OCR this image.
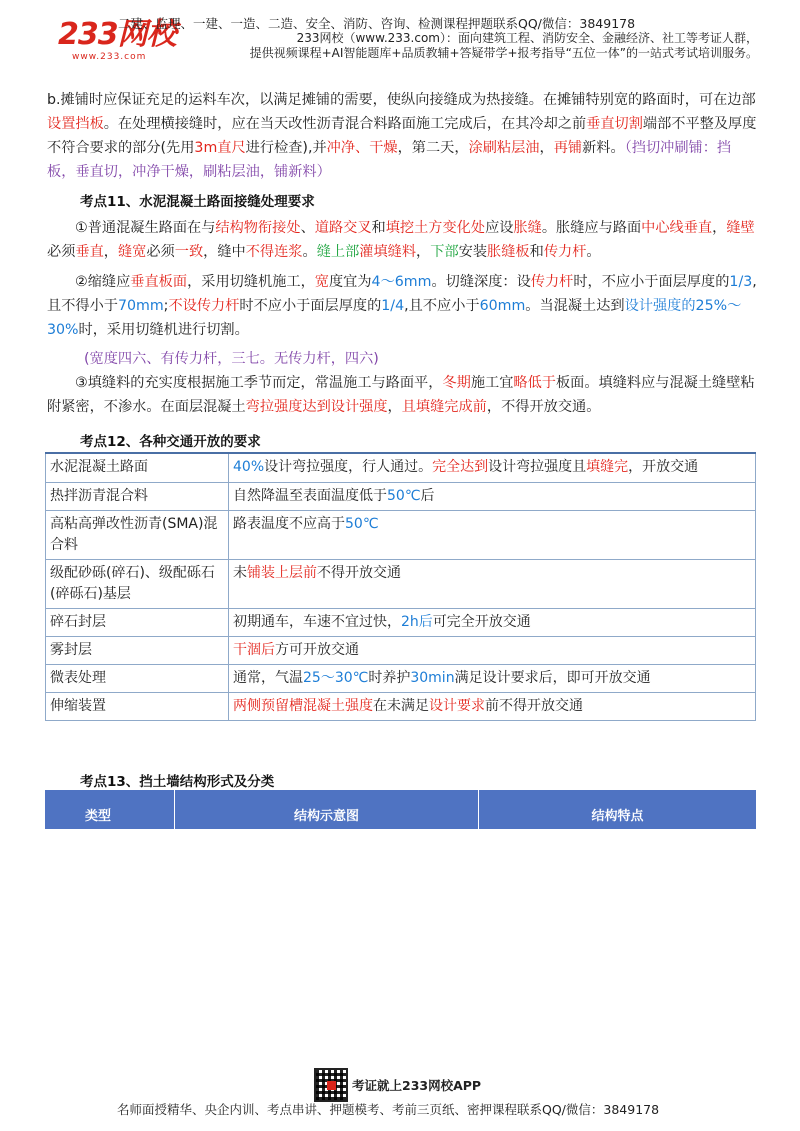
233网校
www.233.com
二建、监理、一建、一造、二造、安全、消防、咨询、检测课程押题联系QQ/微信：3849178
233网校（www.233.com）：面向建筑工程、消防安全、金融经济、社工等考证人群，
提供视频课程+AI智能题库+品质教辅+答疑带学+报考指导“五位一体”的一站式考试培训服务。
b.摊铺时应保证充足的运料车次，以满足摊铺的需要，使纵向接缝成为热接缝。在摊铺特别宽的路面时，可在边部设置挡板。在处理横接缝时，应在当天改性沥青混合料路面施工完成后，在其冷却之前垂直切割端部不平整及厚度不符合要求的部分(先用3m直尺进行检查),并冲净、干燥，第二天，涂刷粘层油，再铺新料。（挡切冲刷铺：挡板，垂直切，冲净干燥，刷粘层油，铺新料）
考点11、水泥混凝土路面接缝处理要求
①普通混凝生路面在与结构物衔接处、道路交叉和填挖土方变化处应设胀缝。胀缝应与路面中心线垂直，缝壁必须垂直，缝宽必须一致，缝中不得连浆。缝上部灌填缝料，下部安装胀缝板和传力杆。
②缩缝应垂直板面，采用切缝机施工，宽度宜为4～6mm。切缝深度：设传力杆时，不应小于面层厚度的1/3,且不得小于70mm;不设传力杆时不应小于面层厚度的1/4,且不应小于60mm。当混凝土达到设计强度的25%～30%时，采用切缝机进行切割。
(宽度四六、有传力杆，三七。无传力杆，四六)
③填缝料的充实度根据施工季节而定，常温施工与路面平，冬期施工宜略低于板面。填缝料应与混凝土缝壁粘附紧密，不渗水。在面层混凝土弯拉强度达到设计强度，且填缝完成前，不得开放交通。
考点12、各种交通开放的要求
水泥混凝土路面	40%设计弯拉强度，行人通过。完全达到设计弯拉强度且填缝完，开放交通
热拌沥青混合料	自然降温至表面温度低于50℃后
高粘高弹改性沥青(SMA)混合料	路表温度不应高于50℃
级配砂砾(碎石)、级配砾石(碎砾石)基层	未铺装上层前不得开放交通
碎石封层	初期通车，车速不宜过快，2h后可完全开放交通
雾封层	干涸后方可开放交通
微表处理	通常，气温25～30℃时养护30min满足设计要求后，即可开放交通
伸缩装置	两侧预留槽混凝土强度在未满足设计要求前不得开放交通
考点13、挡土墙结构形式及分类
类型	结构示意图	结构特点
考证就上233网校APP
名师面授精华、央企内训、考点串讲、押题模考、考前三页纸、密押课程联系QQ/微信：3849178
